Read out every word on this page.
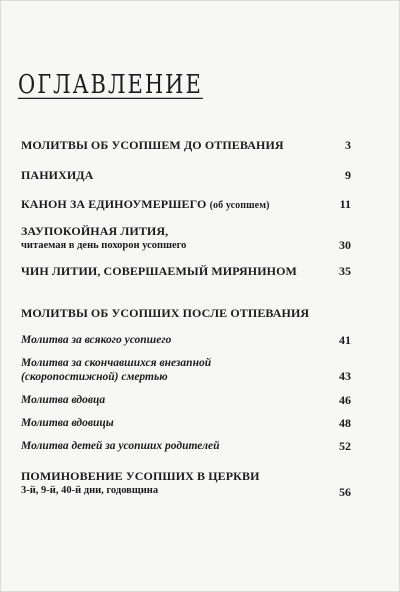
ОГЛАВЛЕНИЕ
МОЛИТВЫ ОБ УСОПШЕМ ДО ОТПЕВАНИЯ	3
ПАНИХИДА	9
КАНОН ЗА ЕДИНОУМЕРШЕГО (об усопшем)	11
ЗАУПОКОЙНАЯ ЛИТИЯ,
читаемая в день похорон усопшего	30
ЧИН ЛИТИИ, СОВЕРШАЕМЫЙ МИРЯНИНОМ	35
МОЛИТВЫ ОБ УСОПШИХ ПОСЛЕ ОТПЕВАНИЯ
Молитва за всякого усопшего	41
Молитва за скончавшихся внезапной
(скоропостижной) смертью	43
Молитва вдовца	46
Молитва вдовицы	48
Молитва детей за усопших родителей	52
ПОМИНОВЕНИЕ УСОПШИХ В ЦЕРКВИ
3-й, 9-й, 40-й дни, годовщина	56
